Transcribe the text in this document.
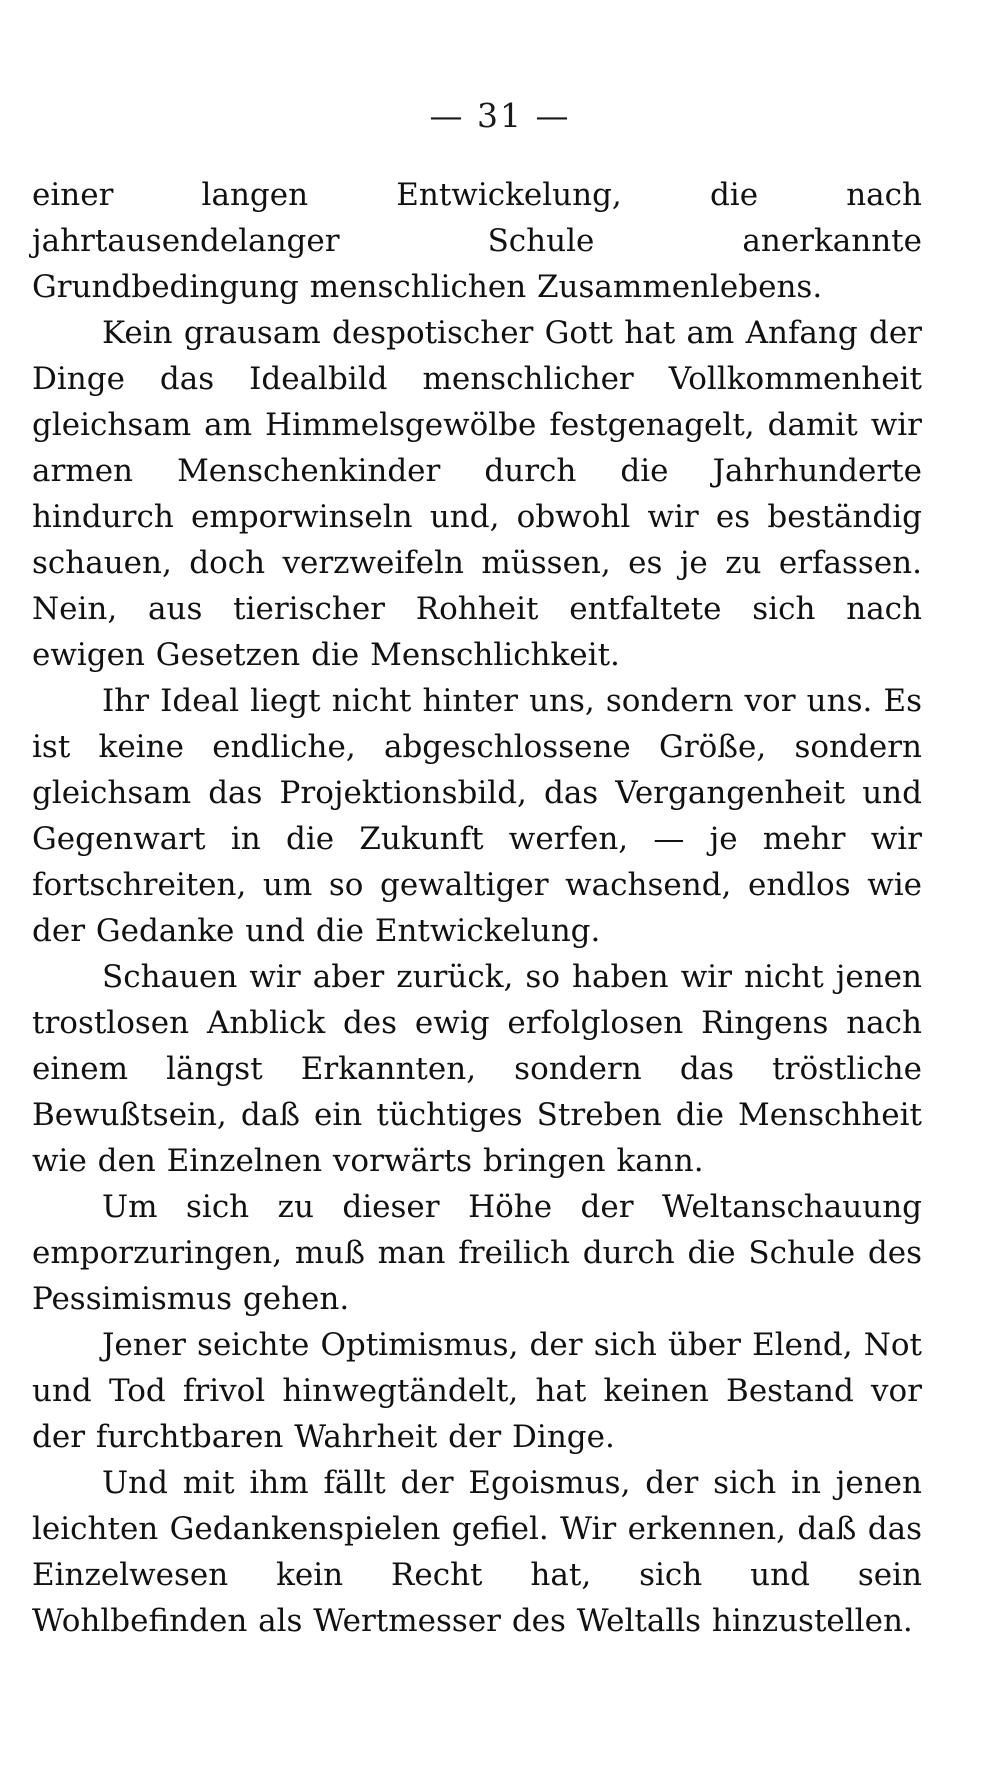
— 31 —

einer langen Entwickelung, die nach jahrtausendelanger Schule anerkannte Grundbedingung menschlichen Zusammenlebens.

Kein grausam despotischer Gott hat am Anfang der Dinge das Idealbild menschlicher Vollkommenheit gleichsam am Himmelsgewölbe festgenagelt, damit wir armen Menschenkinder durch die Jahrhunderte hindurch emporwinseln und, obwohl wir es beständig schauen, doch verzweifeln müssen, es je zu erfassen. Nein, aus tierischer Rohheit entfaltete sich nach ewigen Gesetzen die Menschlichkeit.

Ihr Ideal liegt nicht hinter uns, sondern vor uns. Es ist keine endliche, abgeschlossene Größe, sondern gleichsam das Projektionsbild, das Vergangenheit und Gegenwart in die Zukunft werfen, — je mehr wir fortschreiten, um so gewaltiger wachsend, endlos wie der Gedanke und die Entwickelung.

Schauen wir aber zurück, so haben wir nicht jenen trostlosen Anblick des ewig erfolglosen Ringens nach einem längst Erkannten, sondern das tröstliche Bewußtsein, daß ein tüchtiges Streben die Menschheit wie den Einzelnen vorwärts bringen kann.

Um sich zu dieser Höhe der Weltanschauung emporzuringen, muß man freilich durch die Schule des Pessimismus gehen.

Jener seichte Optimismus, der sich über Elend, Not und Tod frivol hinwegtändelt, hat keinen Bestand vor der furchtbaren Wahrheit der Dinge.

Und mit ihm fällt der Egoismus, der sich in jenen leichten Gedankenspielen gefiel. Wir erkennen, daß das Einzelwesen kein Recht hat, sich und sein Wohlbefinden als Wertmesser des Weltalls hinzustellen.
